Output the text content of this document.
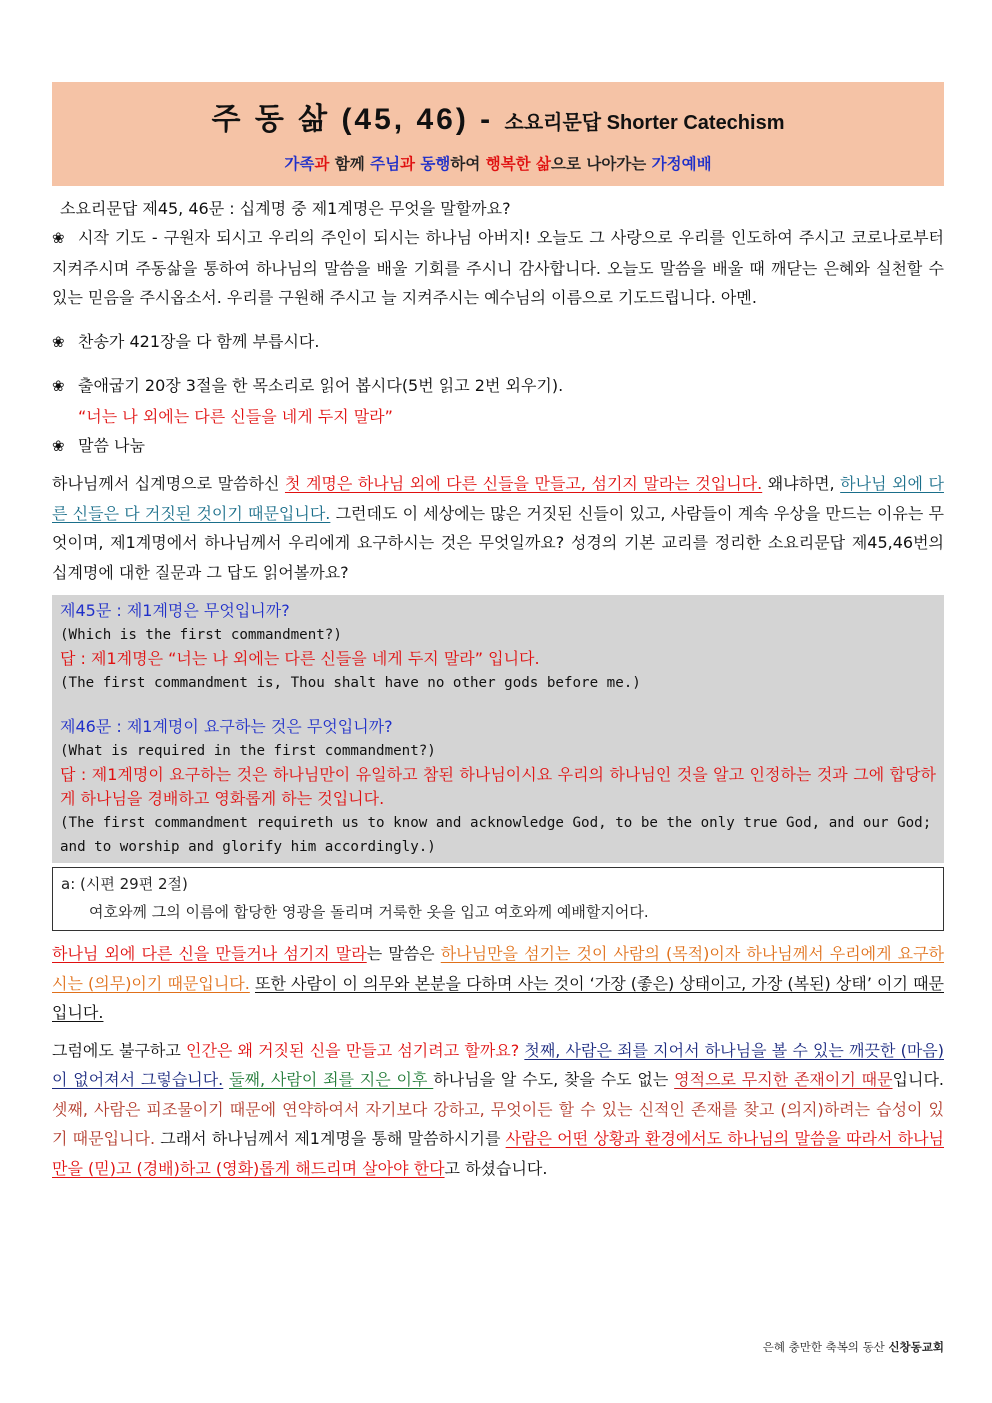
주 동 삶 (45, 46) - 소요리문답 Shorter Catechism
가족과 함께 주님과 동행하여 행복한 삶으로 나아가는 가정예배
소요리문답 제45, 46문 : 십계명 중 제1계명은 무엇을 말할까요?

❀ 시작 기도 - 구원자 되시고 우리의 주인이 되시는 하나님 아버지! 오늘도 그 사랑으로 우리를 인도하여 주시고 코로나로부터 지켜주시며 주동삶을 통하여 하나님의 말씀을 배울 기회를 주시니 감사합니다. 오늘도 말씀을 배울 때 깨닫는 은혜와 실천할 수 있는 믿음을 주시옵소서. 우리를 구원해 주시고 늘 지켜주시는 예수님의 이름으로 기도드립니다. 아멘.

❀ 찬송가 421장을 다 함께 부릅시다.

❀ 출애굽기 20장 3절을 한 목소리로 읽어 봅시다(5번 읽고 2번 외우기).

“너는 나 외에는 다른 신들을 네게 두지 말라”

❀ 말씀 나눔

하나님께서 십계명으로 말씀하신 첫 계명은 하나님 외에 다른 신들을 만들고, 섬기지 말라는 것입니다. 왜냐하면, 하나님 외에 다른 신들은 다 거짓된 것이기 때문입니다. 그런데도 이 세상에는 많은 거짓된 신들이 있고, 사람들이 계속 우상을 만드는 이유는 무엇이며, 제1계명에서 하나님께서 우리에게 요구하시는 것은 무엇일까요? 성경의 기본 교리를 정리한 소요리문답 제45,46번의 십계명에 대한 질문과 그 답도 읽어볼까요?

제45문 : 제1계명은 무엇입니까?
(Which is the first commandment?)
답 : 제1계명은 “너는 나 외에는 다른 신들을 네게 두지 말라” 입니다.
(The first commandment is, Thou shalt have no other gods before me.)
제46문 : 제1계명이 요구하는 것은 무엇입니까?
(What is required in the first commandment?)
답 : 제1계명이 요구하는 것은 하나님만이 유일하고 참된 하나님이시요 우리의 하나님인 것을 알고 인정하는 것과 그에 합당하게 하나님을 경배하고 영화롭게 하는 것입니다.
(The first commandment requireth us to know and acknowledge God, to be the only true God, and our God; and to worship and glorify him accordingly.)
a: (시편 29편 2절)
여호와께 그의 이름에 합당한 영광을 돌리며 거룩한 옷을 입고 여호와께 예배할지어다.

하나님 외에 다른 신을 만들거나 섬기지 말라는 말씀은 하나님만을 섬기는 것이 사람의 (목적)이자 하나님께서 우리에게 요구하시는 (의무)이기 때문입니다. 또한 사람이 이 의무와 본분을 다하며 사는 것이 ‘가장 (좋은) 상태이고, 가장 (복된) 상태’ 이기 때문입니다.

그럼에도 불구하고 인간은 왜 거짓된 신을 만들고 섬기려고 할까요? 첫째, 사람은 죄를 지어서 하나님을 볼 수 있는 깨끗한 (마음)이 없어져서 그렇습니다. 둘째, 사람이 죄를 지은 이후 하나님을 알 수도, 찾을 수도 없는 영적으로 무지한 존재이기 때문입니다. 셋째, 사람은 피조물이기 때문에 연약하여서 자기보다 강하고, 무엇이든 할 수 있는 신적인 존재를 찾고 (의지)하려는 습성이 있기 때문입니다. 그래서 하나님께서 제1계명을 통해 말씀하시기를 사람은 어떤 상황과 환경에서도 하나님의 말씀을 따라서 하나님만을 (믿)고 (경배)하고 (영화)롭게 해드리며 살아야 한다고 하셨습니다.

은혜 충만한 축복의 동산 신창동교회
